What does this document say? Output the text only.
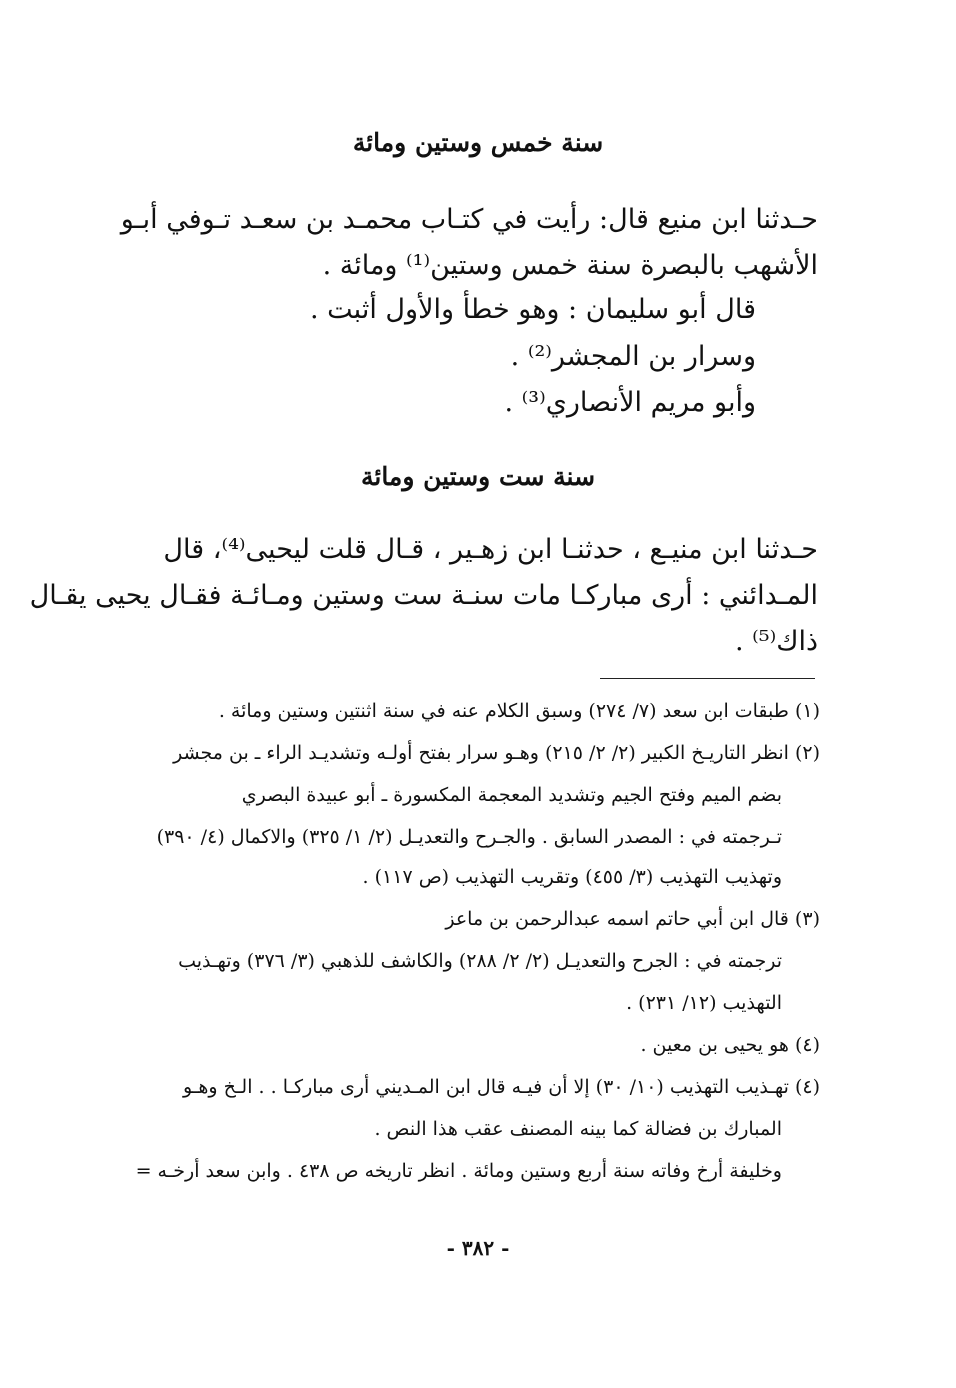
سنة خمس وستين ومائة
حـدثنا ابن منيع قال: رأيت في كتـاب محمـد بن سعـد تـوفي أبـو
الأشهب بالبصرة سنة خمس وستين⁽¹⁾ ومائة .
قال أبو سليمان : وهو خطأ والأول أثبت .
وسرار بن المجشر⁽²⁾ .
وأبو مريم الأنصاري⁽³⁾ .
سنة ست وستين ومائة
حـدثنا ابن منيـع ، حدثنـا ابن زهـير ، قـال قلت ليحيى⁽⁴⁾، قال
المـدائني : أرى مباركـا مات سنـة ست وستين ومـائـة فقـال يحيى يقـال
ذاك⁽⁵⁾ .
(١) طبقات ابن سعد (٧/ ٢٧٤) وسبق الكلام عنه في سنة اثنتين وستين ومائة .
(٢) انظر التاريـخ الكبير (٢/ ٢/ ٢١٥) وهـو سرار بفتح أولـه وتشديـد الراء ـ بن مجشر
بضم الميم وفتح الجيم وتشديد المعجمة المكسورة ـ أبو عبيدة البصري
تـرجمته في : المصدر السابق . والجـرح والتعديـل (٢/ ١/ ٣٢٥) والاكمال (٤/ ٣٩٠)
وتهذيب التهذيب (٣/ ٤٥٥) وتقريب التهذيب (ص ١١٧) .
(٣) قال ابن أبي حاتم اسمه عبدالرحمن بن ماعز
ترجمته في : الجرح والتعديـل (٢/ ٢/ ٢٨٨) والكاشف للذهبي (٣/ ٣٧٦) وتهـذيب
التهذيب (١٢/ ٢٣١) .
(٤) هو يحيى بن معين .
(٤) تهـذيب التهذيب (١٠/ ٣٠) إلا أن فيـه قال ابن المـديني أرى مباركـا . . الـخ وهـو
المبارك بن فضالة كما بينه المصنف عقب هذا النص .
وخليفة أرخ وفاته سنة أربع وستين ومائة . انظر تاريخه ص ٤٣٨ . وابن سعد أرخـه =
- ٣٨٢ -
